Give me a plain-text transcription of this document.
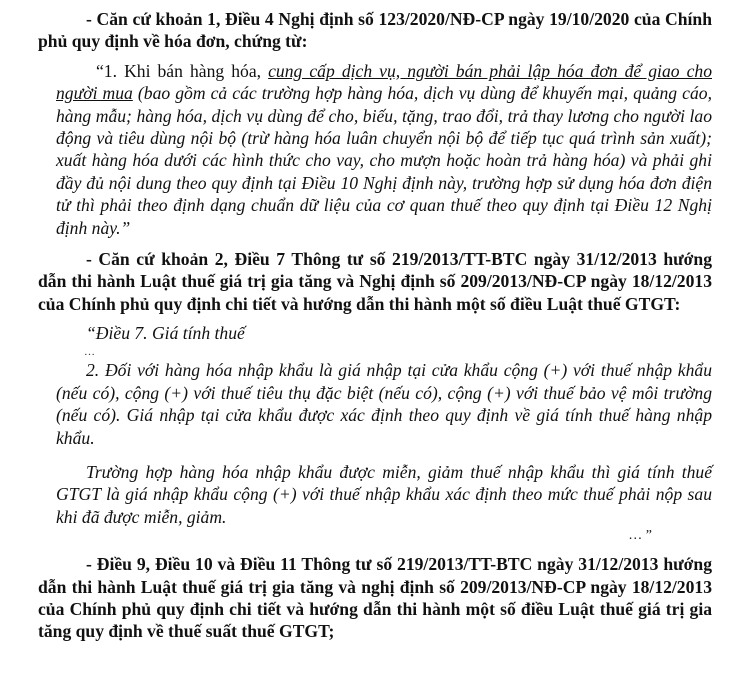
- Căn cứ khoản 1, Điều 4 Nghị định số 123/2020/NĐ-CP ngày 19/10/2020 của Chính phủ quy định về hóa đơn, chứng từ:

“1. Khi bán hàng hóa, cung cấp dịch vụ, người bán phải lập hóa đơn để giao cho người mua (bao gồm cả các trường hợp hàng hóa, dịch vụ dùng để khuyến mại, quảng cáo, hàng mẫu; hàng hóa, dịch vụ dùng để cho, biếu, tặng, trao đổi, trả thay lương cho người lao động và tiêu dùng nội bộ (trừ hàng hóa luân chuyển nội bộ để tiếp tục quá trình sản xuất); xuất hàng hóa dưới các hình thức cho vay, cho mượn hoặc hoàn trả hàng hóa) và phải ghi đầy đủ nội dung theo quy định tại Điều 10 Nghị định này, trường hợp sử dụng hóa đơn điện tử thì phải theo định dạng chuẩn dữ liệu của cơ quan thuế theo quy định tại Điều 12 Nghị định này.”

- Căn cứ khoản 2, Điều 7 Thông tư số 219/2013/TT-BTC ngày 31/12/2013 hướng dẫn thi hành Luật thuế giá trị gia tăng và Nghị định số 209/2013/NĐ-CP ngày 18/12/2013 của Chính phủ quy định chi tiết và hướng dẫn thi hành một số điều Luật thuế GTGT:

“Điều 7. Giá tính thuế
…
2. Đối với hàng hóa nhập khẩu là giá nhập tại cửa khẩu cộng (+) với thuế nhập khẩu (nếu có), cộng (+) với thuế tiêu thụ đặc biệt (nếu có), cộng (+) với thuế bảo vệ môi trường (nếu có). Giá nhập tại cửa khẩu được xác định theo quy định về giá tính thuế hàng nhập khẩu.
Trường hợp hàng hóa nhập khẩu được miễn, giảm thuế nhập khẩu thì giá tính thuế GTGT là giá nhập khẩu cộng (+) với thuế nhập khẩu xác định theo mức thuế phải nộp sau khi đã được miễn, giảm.
… ”

- Điều 9, Điều 10 và Điều 11 Thông tư số 219/2013/TT-BTC ngày 31/12/2013 hướng dẫn thi hành Luật thuế giá trị gia tăng và nghị định số 209/2013/NĐ-CP ngày 18/12/2013 của Chính phủ quy định chi tiết và hướng dẫn thi hành một số điều Luật thuế giá trị gia tăng quy định về thuế suất thuế GTGT;
